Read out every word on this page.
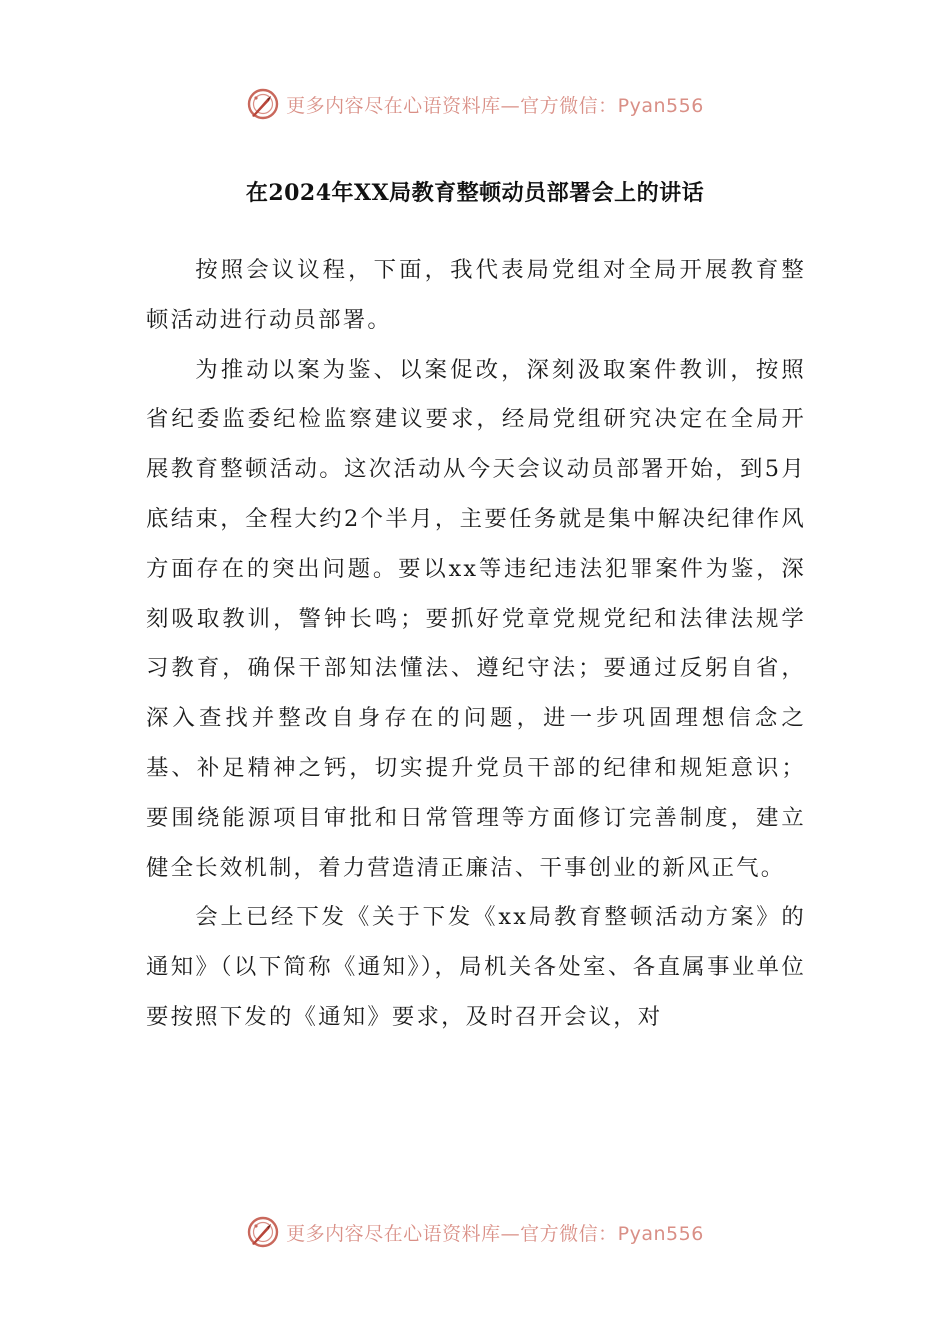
更多内容尽在心语资料库—官方微信：Pyan556
在2024年XX局教育整顿动员部署会上的讲话

按照会议议程，下面，我代表局党组对全局开展教育整顿活动进行动员部署。

为推动以案为鉴、以案促改，深刻汲取案件教训，按照省纪委监委纪检监察建议要求，经局党组研究决定在全局开展教育整顿活动。这次活动从今天会议动员部署开始，到5月底结束，全程大约2个半月，主要任务就是集中解决纪律作风方面存在的突出问题。要以xx等违纪违法犯罪案件为鉴，深刻吸取教训，警钟长鸣；要抓好党章党规党纪和法律法规学习教育，确保干部知法懂法、遵纪守法；要通过反躬自省，深入查找并整改自身存在的问题，进一步巩固理想信念之基、补足精神之钙，切实提升党员干部的纪律和规矩意识；要围绕能源项目审批和日常管理等方面修订完善制度，建立健全长效机制，着力营造清正廉洁、干事创业的新风正气。

会上已经下发《关于下发《xx局教育整顿活动方案》的通知》（以下简称《通知》），局机关各处室、各直属事业单位要按照下发的《通知》要求，及时召开会议，对

更多内容尽在心语资料库—官方微信：Pyan556
